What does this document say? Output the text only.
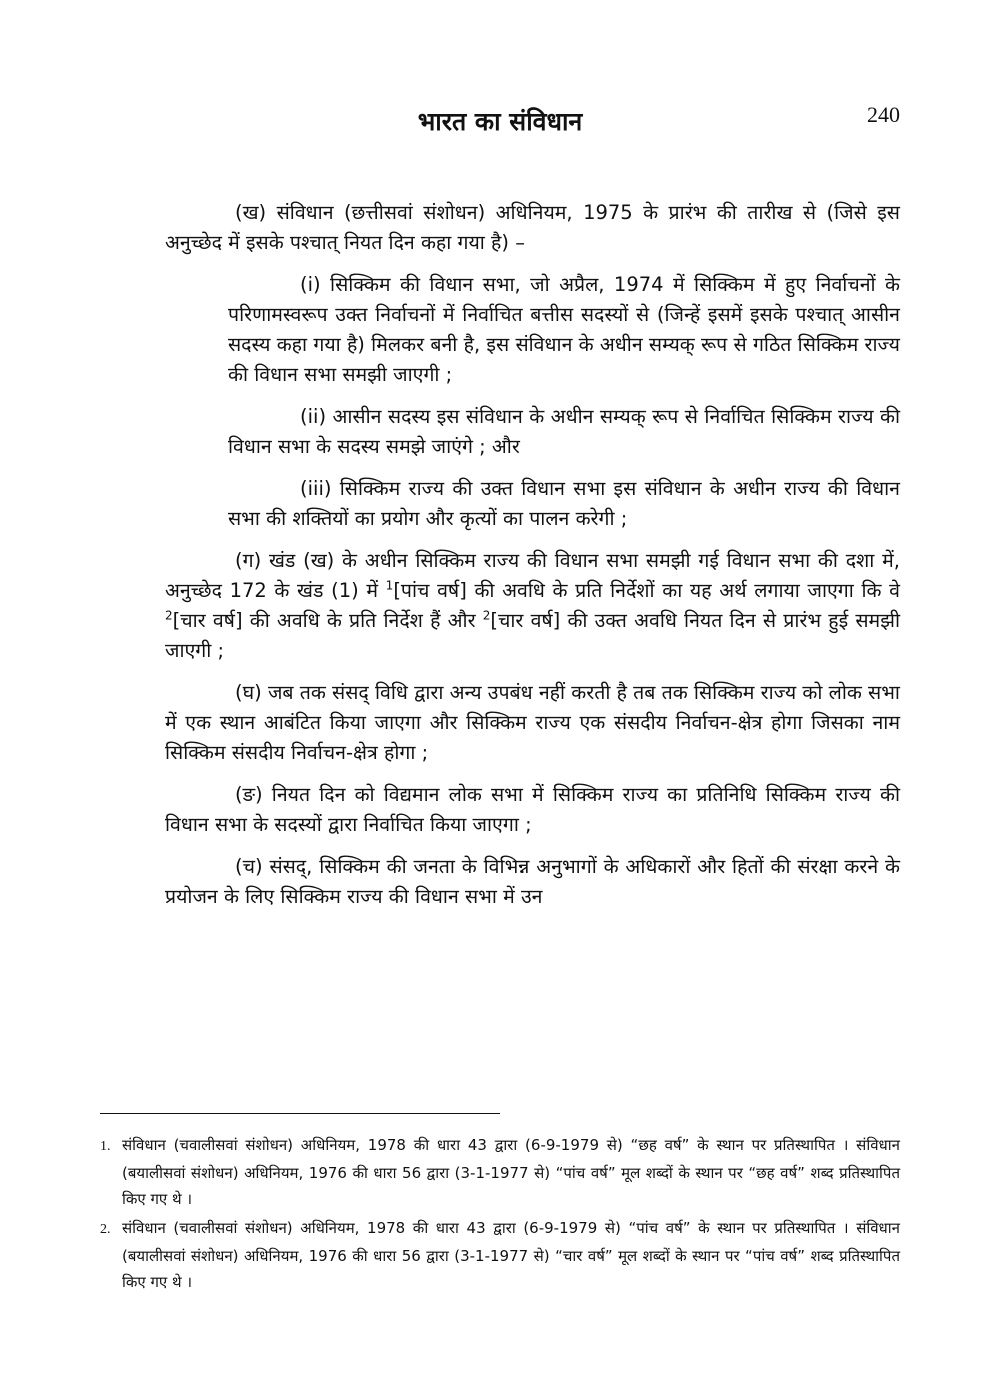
भारत का संविधान	240

(ख) संविधान (छत्तीसवां संशोधन) अधिनियम, 1975 के प्रारंभ की तारीख से (जिसे इस अनुच्छेद में इसके पश्चात् नियत दिन कहा गया है) –

(i) सिक्किम की विधान सभा, जो अप्रैल, 1974 में सिक्किम में हुए निर्वाचनों के परिणामस्वरूप उक्त निर्वाचनों में निर्वाचित बत्तीस सदस्यों से (जिन्हें इसमें इसके पश्चात् आसीन सदस्य कहा गया है) मिलकर बनी है, इस संविधान के अधीन सम्यक् रूप से गठित सिक्किम राज्य की विधान सभा समझी जाएगी ;

(ii) आसीन सदस्य इस संविधान के अधीन सम्यक् रूप से निर्वाचित सिक्किम राज्य की विधान सभा के सदस्य समझे जाएंगे ; और

(iii) सिक्किम राज्य की उक्त विधान सभा इस संविधान के अधीन राज्य की विधान सभा की शक्तियों का प्रयोग और कृत्यों का पालन करेगी ;

(ग) खंड (ख) के अधीन सिक्किम राज्य की विधान सभा समझी गई विधान सभा की दशा में, अनुच्छेद 172 के खंड (1) में $^1$[पांच वर्ष] की अवधि के प्रति निर्देशों का यह अर्थ लगाया जाएगा कि वे $^2$[चार वर्ष] की अवधि के प्रति निर्देश हैं और $^2$[चार वर्ष] की उक्त अवधि नियत दिन से प्रारंभ हुई समझी जाएगी ;

(घ) जब तक संसद् विधि द्वारा अन्य उपबंध नहीं करती है तब तक सिक्किम राज्य को लोक सभा में एक स्थान आबंटित किया जाएगा और सिक्किम राज्य एक संसदीय निर्वाचन-क्षेत्र होगा जिसका नाम सिक्किम संसदीय निर्वाचन-क्षेत्र होगा ;

(ङ) नियत दिन को विद्यमान लोक सभा में सिक्किम राज्य का प्रतिनिधि सिक्किम राज्य की विधान सभा के सदस्यों द्वारा निर्वाचित किया जाएगा ;

(च) संसद्, सिक्किम की जनता के विभिन्न अनुभागों के अधिकारों और हितों की संरक्षा करने के प्रयोजन के लिए सिक्किम राज्य की विधान सभा में उन

1. संविधान (चवालीसवां संशोधन) अधिनियम, 1978 की धारा 43 द्वारा (6-9-1979 से) “छह वर्ष” के स्थान पर प्रतिस्थापित । संविधान (बयालीसवां संशोधन) अधिनियम, 1976 की धारा 56 द्वारा (3-1-1977 से) “पांच वर्ष” मूल शब्दों के स्थान पर “छह वर्ष” शब्द प्रतिस्थापित किए गए थे ।

2. संविधान (चवालीसवां संशोधन) अधिनियम, 1978 की धारा 43 द्वारा (6-9-1979 से) “पांच वर्ष” के स्थान पर प्रतिस्थापित । संविधान (बयालीसवां संशोधन) अधिनियम, 1976 की धारा 56 द्वारा (3-1-1977 से) “चार वर्ष” मूल शब्दों के स्थान पर “पांच वर्ष” शब्द प्रतिस्थापित किए गए थे ।
